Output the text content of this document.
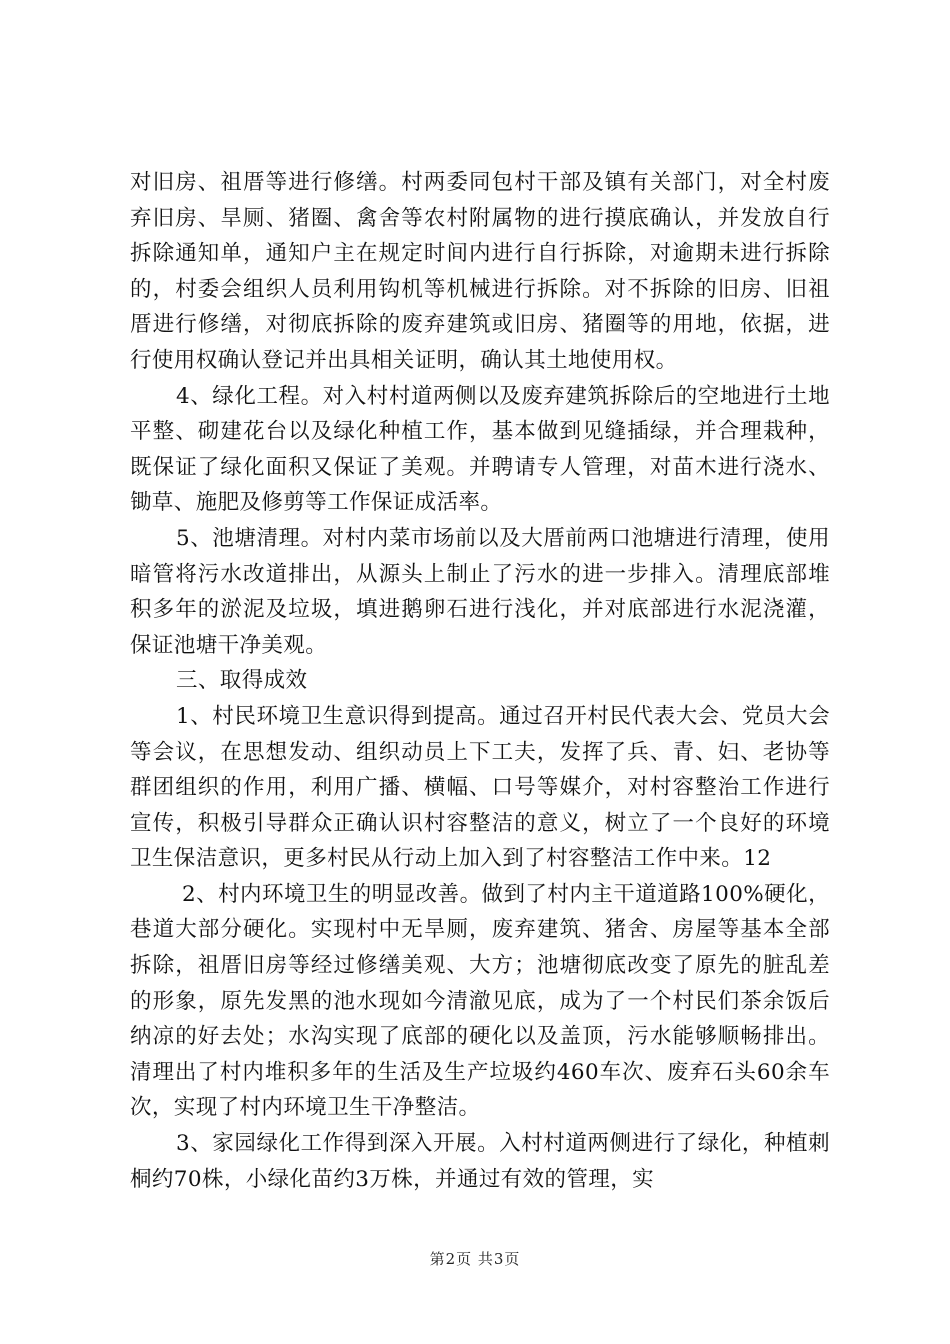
对旧房、祖厝等进行修缮。村两委同包村干部及镇有关部门，对全村废弃旧房、旱厕、猪圈、禽舍等农村附属物的进行摸底确认，并发放自行拆除通知单，通知户主在规定时间内进行自行拆除，对逾期未进行拆除的，村委会组织人员利用钩机等机械进行拆除。对不拆除的旧房、旧祖厝进行修缮，对彻底拆除的废弃建筑或旧房、猪圈等的用地，依据，进行使用权确认登记并出具相关证明，确认其土地使用权。

4、绿化工程。对入村村道两侧以及废弃建筑拆除后的空地进行土地平整、砌建花台以及绿化种植工作，基本做到见缝插绿，并合理栽种，既保证了绿化面积又保证了美观。并聘请专人管理，对苗木进行浇水、锄草、施肥及修剪等工作保证成活率。

5、池塘清理。对村内菜市场前以及大厝前两口池塘进行清理，使用暗管将污水改道排出，从源头上制止了污水的进一步排入。清理底部堆积多年的淤泥及垃圾，填进鹅卵石进行浅化，并对底部进行水泥浇灌，保证池塘干净美观。

三、取得成效

1、村民环境卫生意识得到提高。通过召开村民代表大会、党员大会等会议，在思想发动、组织动员上下工夫，发挥了兵、青、妇、老协等群团组织的作用，利用广播、横幅、口号等媒介，对村容整治工作进行宣传，积极引导群众正确认识村容整洁的意义，树立了一个良好的环境卫生保洁意识，更多村民从行动上加入到了村容整洁工作中来。12

2、村内环境卫生的明显改善。做到了村内主干道道路100%硬化，巷道大部分硬化。实现村中无旱厕，废弃建筑、猪舍、房屋等基本全部拆除，祖厝旧房等经过修缮美观、大方；池塘彻底改变了原先的脏乱差的形象，原先发黑的池水现如今清澈见底，成为了一个村民们茶余饭后纳凉的好去处；水沟实现了底部的硬化以及盖顶，污水能够顺畅排出。清理出了村内堆积多年的生活及生产垃圾约460车次、废弃石头60余车次，实现了村内环境卫生干净整洁。

3、家园绿化工作得到深入开展。入村村道两侧进行了绿化，种植刺桐约70株，小绿化苗约3万株，并通过有效的管理，实

第2页 共3页
